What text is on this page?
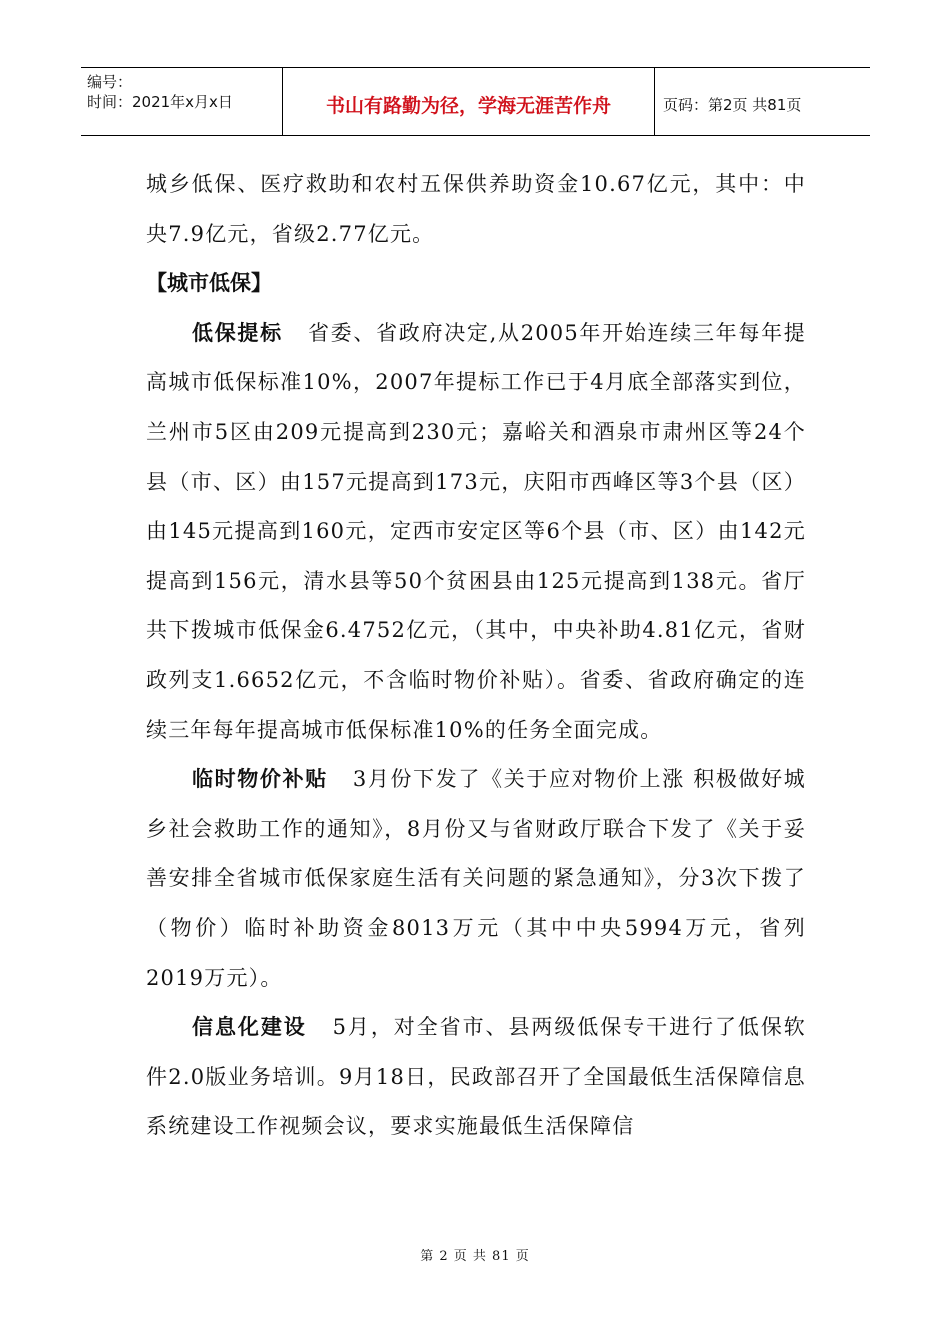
编号：
时间：2021年x月x日	书山有路勤为径，学海无涯苦作舟	页码：第2页 共81页

城乡低保、医疗救助和农村五保供养助资金10.67亿元，其中：中央7.9亿元，省级2.77亿元。

【城市低保】

低保提标 省委、省政府决定,从2005年开始连续三年每年提高城市低保标准10%，2007年提标工作已于4月底全部落实到位，兰州市5区由209元提高到230元；嘉峪关和酒泉市肃州区等24个县（市、区）由157元提高到173元，庆阳市西峰区等3个县（区）由145元提高到160元，定西市安定区等6个县（市、区）由142元提高到156元，清水县等50个贫困县由125元提高到138元。省厅共下拨城市低保金6.4752亿元，（其中，中央补助4.81亿元，省财政列支1.6652亿元，不含临时物价补贴）。省委、省政府确定的连续三年每年提高城市低保标准10%的任务全面完成。

临时物价补贴 3月份下发了《关于应对物价上涨 积极做好城乡社会救助工作的通知》，8月份又与省财政厅联合下发了《关于妥善安排全省城市低保家庭生活有关问题的紧急通知》，分3次下拨了（物价）临时补助资金8013万元（其中中央5994万元，省列2019万元）。

信息化建设 5月，对全省市、县两级低保专干进行了低保软件2.0版业务培训。9月18日，民政部召开了全国最低生活保障信息系统建设工作视频会议，要求实施最低生活保障信

第 2 页 共 81 页
